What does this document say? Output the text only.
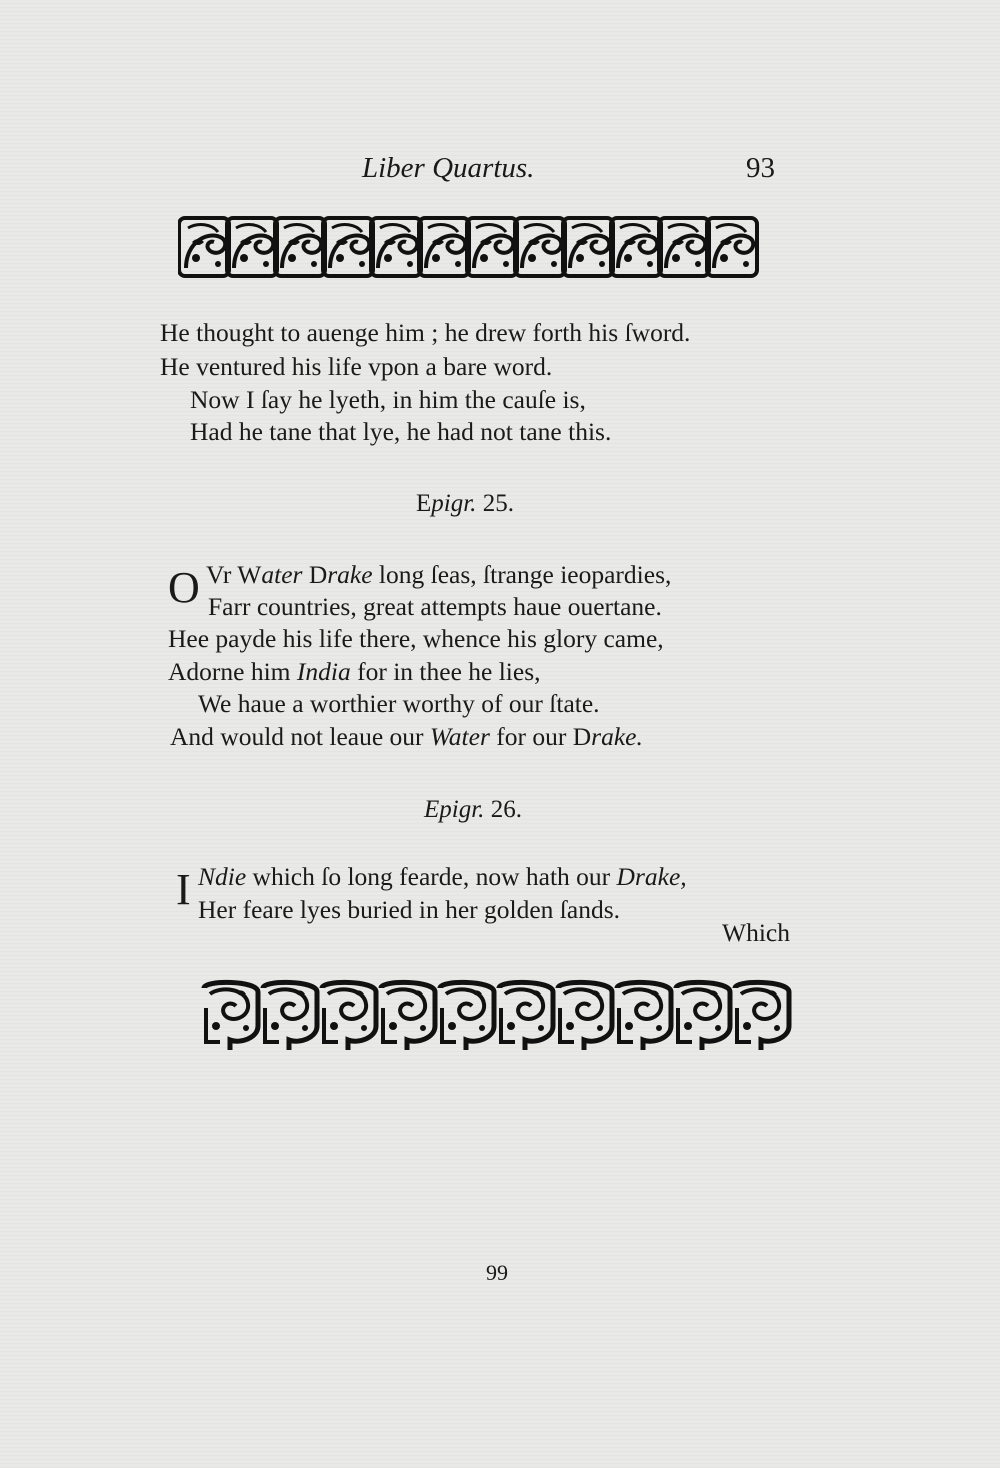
Liber Quartus.	93
He thought to auenge him ; he drew forth his ſword.
He ventured his life vpon a bare word.
Now I ſay he lyeth, in him the cauſe is,
Had he tane that lye, he had not tane this.
Epigr. 25.
O Vr Water Drake long ſeas, ſtrange ieopardies,
Farr countries, great attempts haue ouertane.
Hee payde his life there, whence his glory came,
Adorne him India for in thee he lies,
We haue a worthier worthy of our ſtate.
And would not leaue our Water for our Drake.
Epigr. 26.
I Ndie which ſo long fearde, now hath our Drake,
Her feare lyes buried in her golden ſands.
Which
99
